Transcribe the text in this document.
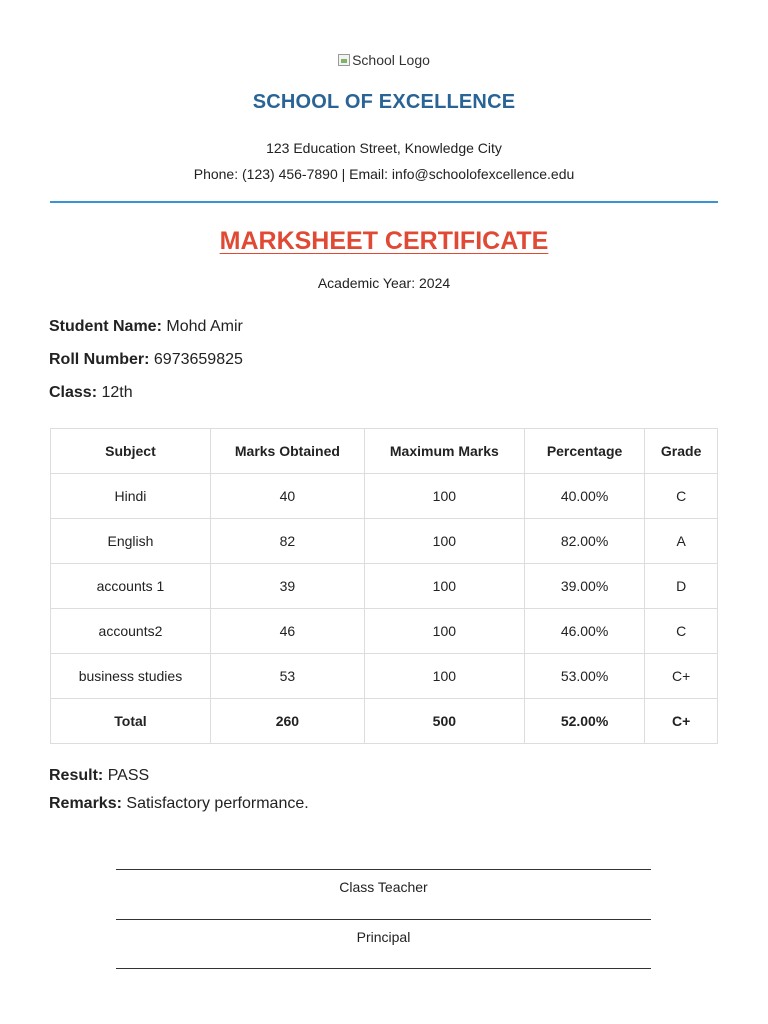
School Logo
SCHOOL OF EXCELLENCE
123 Education Street, Knowledge City
Phone: (123) 456-7890 | Email: info@schoolofexcellence.edu
MARKSHEET CERTIFICATE
Academic Year: 2024
Student Name: Mohd Amir
Roll Number: 6973659825
Class: 12th
Subject	Marks Obtained	Maximum Marks	Percentage	Grade
Hindi	40	100	40.00%	C
English	82	100	82.00%	A
accounts 1	39	100	39.00%	D
accounts2	46	100	46.00%	C
business studies	53	100	53.00%	C+
Total	260	500	52.00%	C+
Result: PASS
Remarks: Satisfactory performance.
Class Teacher
Principal
